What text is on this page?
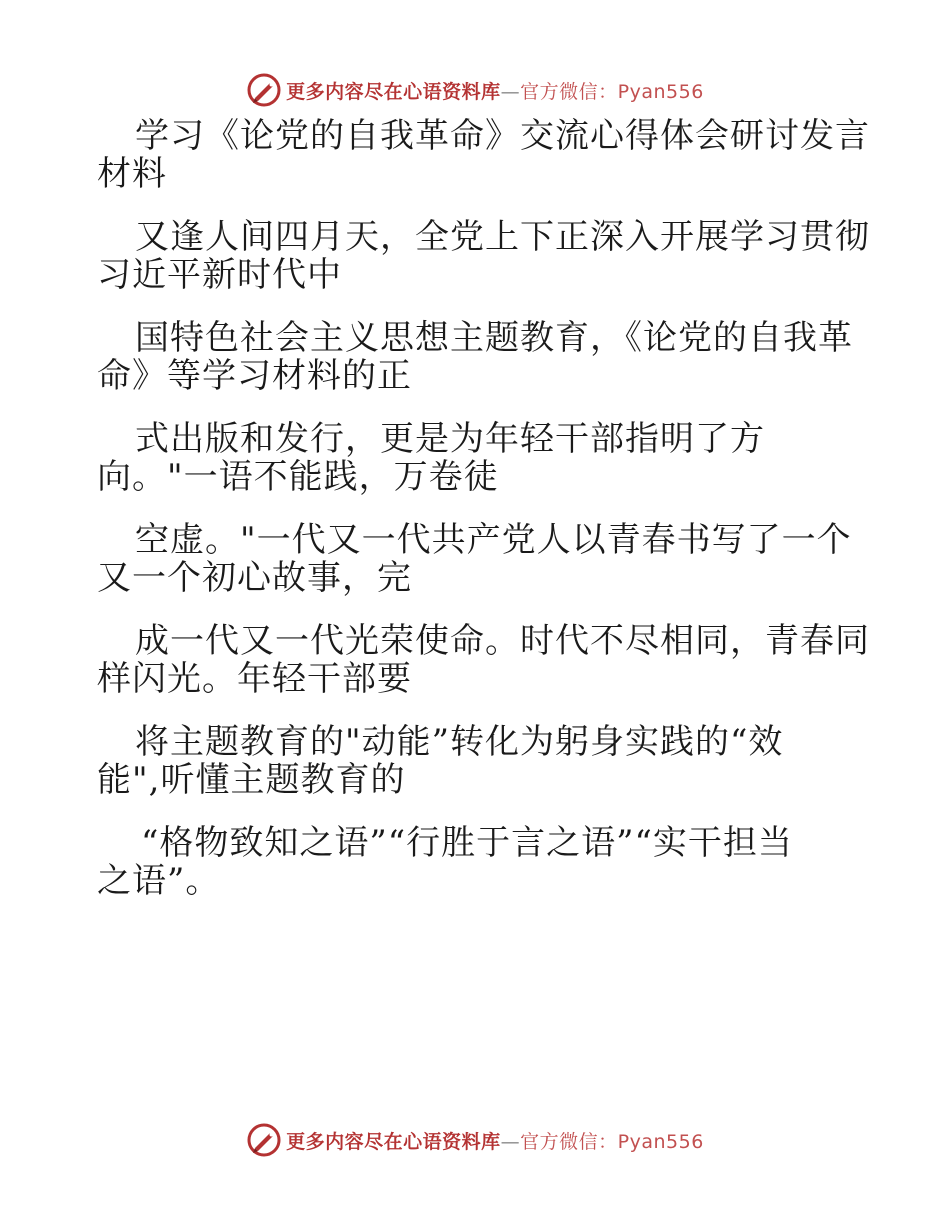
更多内容尽在心语资料库—官方微信：Pyan556
学习《论党的自我革命》交流心得体会研讨发言
材料
又逢人间四月天，全党上下正深入开展学习贯彻
习近平新时代中
国特色社会主义思想主题教育，《论党的自我革
命》等学习材料的正
式出版和发行，更是为年轻干部指明了方
向。"一语不能践，万卷徒
空虚。"一代又一代共产党人以青春书写了一个
又一个初心故事，完
成一代又一代光荣使命。时代不尽相同，青春同
样闪光。年轻干部要
将主题教育的"动能”转化为躬身实践的“效
能",听懂主题教育的
“格物致知之语”“行胜于言之语”“实干担当
之语”。
更多内容尽在心语资料库—官方微信：Pyan556
